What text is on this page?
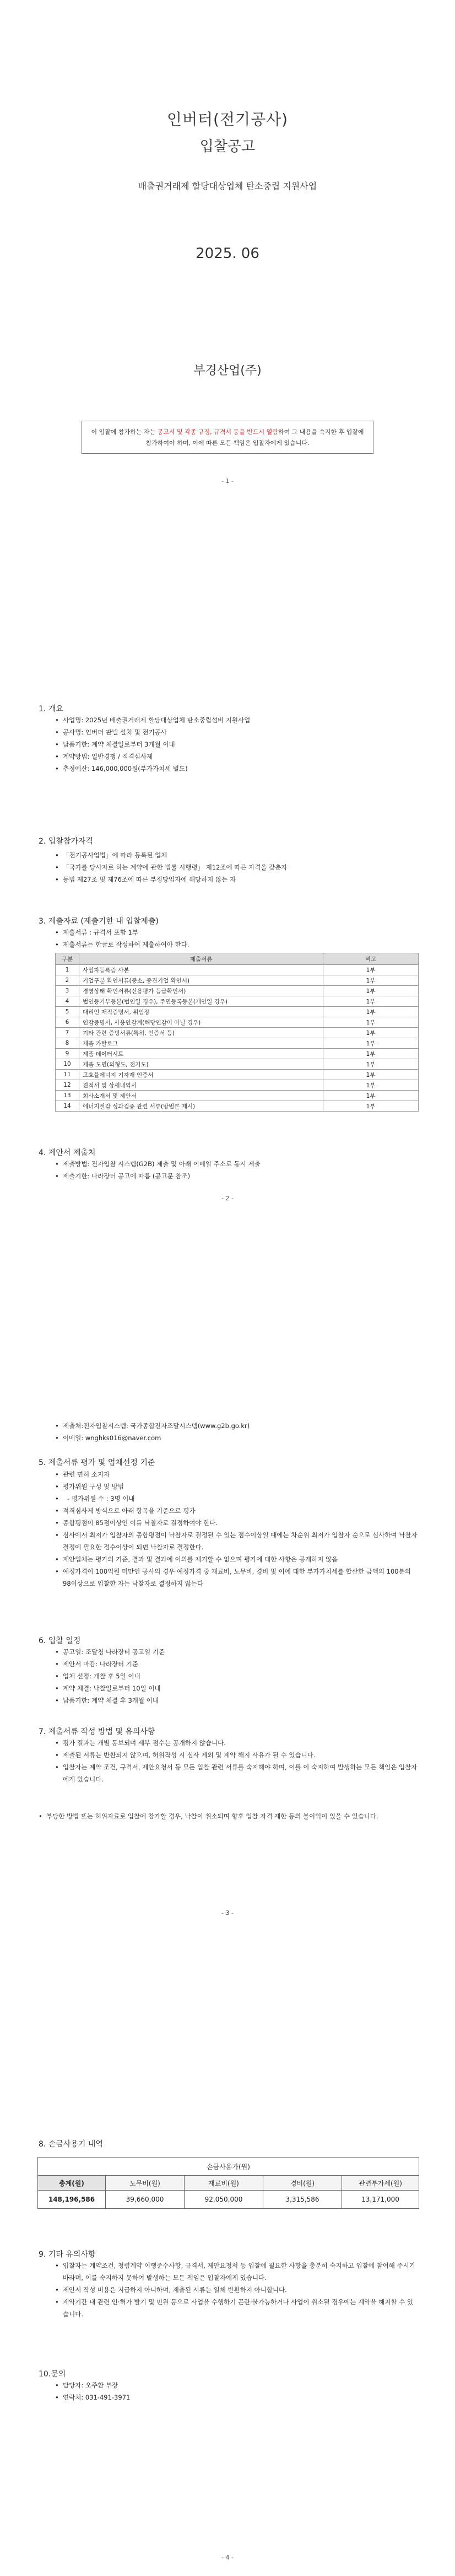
인버터(전기공사)
입찰공고
배출권거래제 할당대상업체 탄소중립 지원사업
2025. 06
부경산업(주)
이 입찰에 참가하는 자는 공고서 및 각종 규정, 규격서 등을 반드시 열람하여 그 내용을 숙지한 후 입찰에 참가하여야 하며, 이에 따른 모든 책임은 입찰자에게 있습니다.
- 1 -
1. 개요
• 사업명: 2025년 배출권거래제 할당대상업체 탄소중립설비 지원사업
• 공사명: 인버터 판넬 설치 및 전기공사
• 납품기한: 계약 체결일로부터 3개월 이내
• 계약방법: 일반경쟁 / 적격심사제
• 추정예산: 146,000,000원(부가가치세 별도)
2. 입찰참가자격
• 「전기공사업법」에 따라 등록된 업체
• 「국가를 당사자로 하는 계약에 관한 법률 시행령」 제12조에 따른 자격을 갖춘자
• 동법 제27조 및 제76조에 따른 부정당업자에 해당하지 않는 자
3. 제출자료 (제출기한 내 입찰제출)
• 제출서류 : 규격서 포함 1부
• 제출서류는 한글로 작성하여 제출하여야 한다.
구분	제출서류	비고
1	사업자등록증 사본	1부
2	기업구분 확인서류(중소, 중견기업 확인서)	1부
3	경영상태 확인서류(신용평가 등급확인서)	1부
4	법인등기부등본(법인일 경우), 주민등록등본(개인일 경우)	1부
5	대리인 재직증명서, 위임장	1부
6	인감증명서, 사용인감계(해당인감이 아닐 경우)	1부
7	기타 관련 증빙서류(특허, 인증서 등)	1부
8	제품 카탈로그	1부
9	제품 데이터시트	1부
10	제품 도면(외형도, 전기도)	1부
11	고효율에너지 기자재 인증서	1부
12	견적서 및 상세내역서	1부
13	회사소개서 및 제안서	1부
14	에너지절감 성과검증 관련 서류(방법론 제시)	1부
4. 제안서 제출처
• 제출방법: 전자입찰 시스템(G2B) 제출 및 아래 이메일 주소로 동시 제출
• 제출기한: 나라장터 공고에 따름 (공고문 참조)
- 2 -
• 제출처:전자입찰시스템: 국가종합전자조달시스템(www.g2b.go.kr)
• 이메일: wnghks016@naver.com
5. 제출서류 평가 및 업체선정 기준
• 관련 면허 소지자
• 평가위원 구성 및 방법
• - 평가위원 수 : 3명 이내
• 적격심사제 방식으로 아래 항목을 기준으로 평가
• 종합평점이 85점이상인 이를 낙찰자로 결정하여야 한다.
• 심사에서 최저가 입찰자의 종합평점이 낙찰자로 결정될 수 있는 점수이상일 때에는 차순위 최저가 입찰자 순으로 심사하여 낙찰자 결정에 필요한 점수이상이 되면 낙찰자로 결정한다.
• 제안업체는 평가의 기준, 결과 및 결과에 이의를 제기할 수 없으며 평가에 대한 사항은 공개하지 않음
• 예정가격이 100억원 미만인 공사의 경우 예정가격 중 재료비, 노무비, 경비 및 이에 대한 부가가치세를 합산한 금액의 100분의 98이상으로 입찰한 자는 낙찰자로 결정하지 않는다
6. 입찰 일정
• 공고일: 조달청 나라장터 공고일 기준
• 제안서 마감: 나라장터 기준
• 업체 선정: 개찰 후 5일 이내
• 계약 체결: 낙찰일로부터 10일 이내
• 납품기한: 계약 체결 후 3개월 이내
7. 제출서류 작성 방법 및 유의사항
• 평가 결과는 개별 통보되며 세부 점수는 공개하지 않습니다.
• 제출된 서류는 반환되지 않으며, 허위작성 시 심사 제외 및 계약 해지 사유가 될 수 있습니다.
• 입찰자는 계약 조건, 규격서, 제안요청서 등 모든 입찰 관련 서류를 숙지해야 하며, 이를 이 숙지하여 발생하는 모든 책임은 입찰자에게 있습니다.
• 부당한 방법 또는 허위자료로 입찰에 참가할 경우, 낙찰이 취소되며 향후 입찰 자격 제한 등의 불이익이 있을 수 있습니다.
- 3 -
8. 손금사용기 내역
손금사용가(원)				
총계(원)	노무비(원)	재료비(원)	경비(원)	관련부가세(원)
148,196,586	39,660,000	92,050,000	3,315,586	13,171,000
9. 기타 유의사항
• 입찰자는 계약조건, 청렴계약 이행준수사항, 규격서, 제안요청서 등 입찰에 필요한 사항을 충분히 숙지하고 입찰에 참여해 주시기 바라며, 이를 숙지하지 못하여 발생하는 모든 책임은 입찰자에게 있습니다.
• 제안서 작성 비용은 지급하지 아니하며, 제출된 서류는 일체 반환하지 아니합니다.
• 계약기간 내 관련 인·허가 발기 및 민원 등으로 사업을 수행하기 곤란·불가능하거나 사업이 취소될 경우에는 계약을 해지할 수 있습니다.
10.문의
• 담당자: 오주환 부장
• 연락처: 031-491-3971
- 4 -
